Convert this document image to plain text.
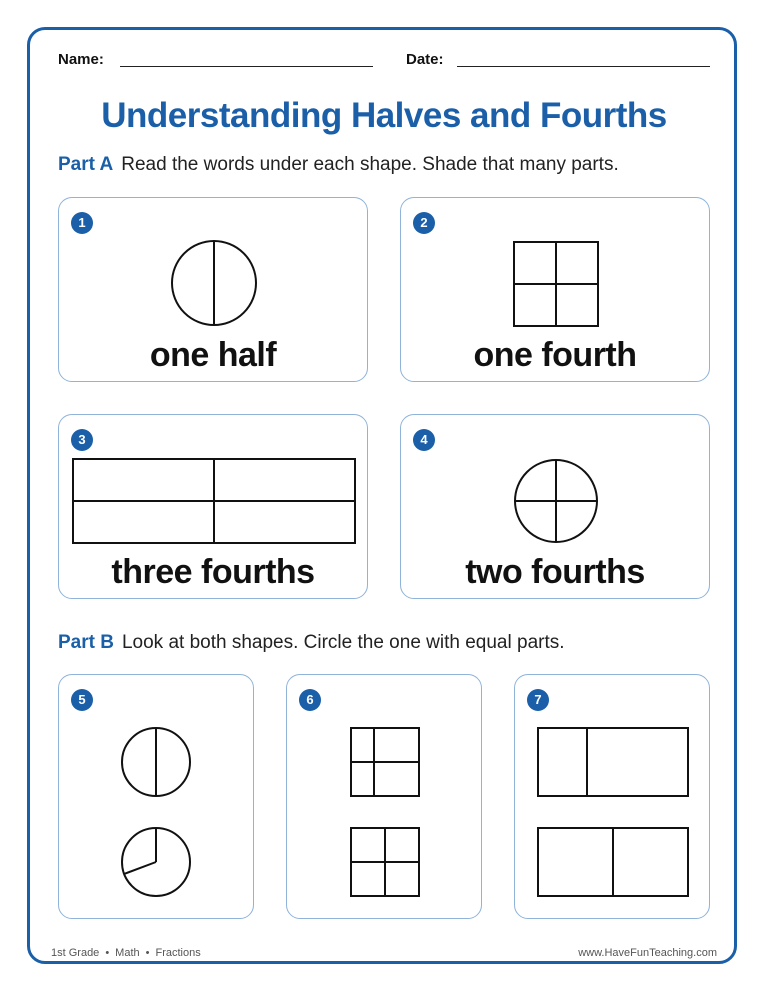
Name:	Date:
Understanding Halves and Fourths
Part A Read the words under each shape. Shade that many parts.
1
one half
2
one fourth
3
three fourths
4
two fourths
Part B Look at both shapes. Circle the one with equal parts.
5	6	7
1st Grade • Math • Fractions	www.HaveFunTeaching.com
